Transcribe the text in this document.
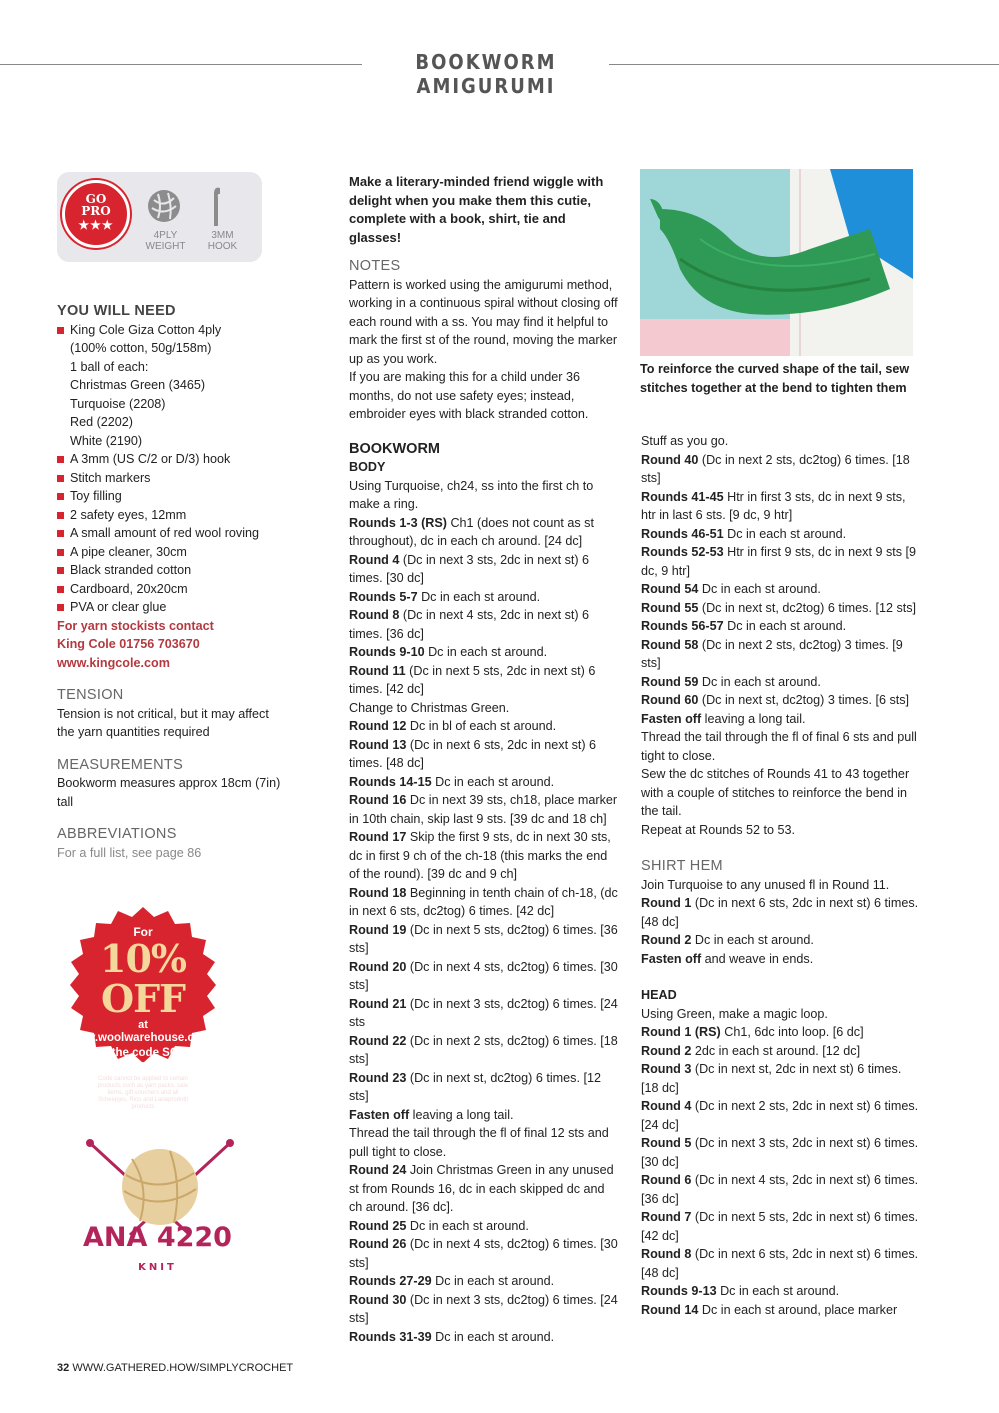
BOOKWORM AMIGURUMI
GO
PRO
★★★
4PLY
WEIGHT
3MM
HOOK

YOU WILL NEED

King Cole Giza Cotton 4ply
(100% cotton, 50g/158m)
1 ball of each:
Christmas Green (3465)
Turquoise (2208)
Red (2202)
White (2190)
A 3mm (US C/2 or D/3) hook
Stitch markers
Toy filling
2 safety eyes, 12mm
A small amount of red wool roving
A pipe cleaner, 30cm
Black stranded cotton
Cardboard, 20x20cm
PVA or clear glue
For yarn stockists contact
King Cole 01756 703670
www.kingcole.com

TENSION

Tension is not critical, but it may affect the yarn quantities required

MEASUREMENTS

Bookworm measures approx 18cm (7in) tall

ABBREVIATIONS

For a full list, see page 86

For
10% OFF
at
www.woolwarehouse.co.uk
use the code SC127
at the checkout
Code cannot be applied to certain products such as yarn packs, sale items, gift vouchers and all Scheepjes, Rico and Lanaprodotti products
ANA 4220
KNIT

Make a literary-minded friend wiggle with delight when you make them this cutie, complete with a book, shirt, tie and glasses!

NOTES

Pattern is worked using the amigurumi method, working in a continuous spiral without closing off each round with a ss. You may find it helpful to mark the first st of the round, moving the marker up as you work.

If you are making this for a child under 36 months, do not use safety eyes; instead, embroider eyes with black stranded cotton.

BOOKWORM

BODY

Using Turquoise, ch24, ss into the first ch to make a ring.

Rounds 1-3 (RS) Ch1 (does not count as st throughout), dc in each ch around. [24 dc]

Round 4 (Dc in next 3 sts, 2dc in next st) 6 times. [30 dc]

Rounds 5-7 Dc in each st around.

Round 8 (Dc in next 4 sts, 2dc in next st) 6 times. [36 dc]

Rounds 9-10 Dc in each st around.

Round 11 (Dc in next 5 sts, 2dc in next st) 6 times. [42 dc]

Change to Christmas Green.

Round 12 Dc in bl of each st around.

Round 13 (Dc in next 6 sts, 2dc in next st) 6 times. [48 dc]

Rounds 14-15 Dc in each st around.

Round 16 Dc in next 39 sts, ch18, place marker in 10th chain, skip last 9 sts. [39 dc and 18 ch]

Round 17 Skip the first 9 sts, dc in next 30 sts, dc in first 9 ch of the ch-18 (this marks the end of the round). [39 dc and 9 ch]

Round 18 Beginning in tenth chain of ch-18, (dc in next 6 sts, dc2tog) 6 times. [42 dc]

Round 19 (Dc in next 5 sts, dc2tog) 6 times. [36 sts]

Round 20 (Dc in next 4 sts, dc2tog) 6 times. [30 sts]

Round 21 (Dc in next 3 sts, dc2tog) 6 times. [24 sts

Round 22 (Dc in next 2 sts, dc2tog) 6 times. [18 sts]

Round 23 (Dc in next st, dc2tog) 6 times. [12 sts]

Fasten off leaving a long tail.

Thread the tail through the fl of final 12 sts and pull tight to close.

Round 24 Join Christmas Green in any unused st from Rounds 16, dc in each skipped dc and ch around. [36 dc].

Round 25 Dc in each st around.

Round 26 (Dc in next 4 sts, dc2tog) 6 times. [30 sts]

Rounds 27-29 Dc in each st around.

Round 30 (Dc in next 3 sts, dc2tog) 6 times. [24 sts]

Rounds 31-39 Dc in each st around.

To reinforce the curved shape of the tail, sew stitches together at the bend to tighten them

Stuff as you go.

Round 40 (Dc in next 2 sts, dc2tog) 6 times. [18 sts]

Rounds 41-45 Htr in first 3 sts, dc in next 9 sts, htr in last 6 sts. [9 dc, 9 htr]

Rounds 46-51 Dc in each st around.

Rounds 52-53 Htr in first 9 sts, dc in next 9 sts [9 dc, 9 htr]

Round 54 Dc in each st around.

Round 55 (Dc in next st, dc2tog) 6 times. [12 sts]

Rounds 56-57 Dc in each st around.

Round 58 (Dc in next 2 sts, dc2tog) 3 times. [9 sts]

Round 59 Dc in each st around.

Round 60 (Dc in next st, dc2tog) 3 times. [6 sts]

Fasten off leaving a long tail.

Thread the tail through the fl of final 6 sts and pull tight to close.

Sew the dc stitches of Rounds 41 to 43 together with a couple of stitches to reinforce the bend in the tail.

Repeat at Rounds 52 to 53.

SHIRT HEM

Join Turquoise to any unused fl in Round 11.

Round 1 (Dc in next 6 sts, 2dc in next st) 6 times. [48 dc]

Round 2 Dc in each st around.

Fasten off and weave in ends.

HEAD

Using Green, make a magic loop.

Round 1 (RS) Ch1, 6dc into loop. [6 dc]

Round 2 2dc in each st around. [12 dc]

Round 3 (Dc in next st, 2dc in next st) 6 times. [18 dc]

Round 4 (Dc in next 2 sts, 2dc in next st) 6 times. [24 dc]

Round 5 (Dc in next 3 sts, 2dc in next st) 6 times. [30 dc]

Round 6 (Dc in next 4 sts, 2dc in next st) 6 times. [36 dc]

Round 7 (Dc in next 5 sts, 2dc in next st) 6 times. [42 dc]

Round 8 (Dc in next 6 sts, 2dc in next st) 6 times. [48 dc]

Rounds 9-13 Dc in each st around.

Round 14 Dc in each st around, place marker

32 WWW.GATHERED.HOW/SIMPLYCROCHET
